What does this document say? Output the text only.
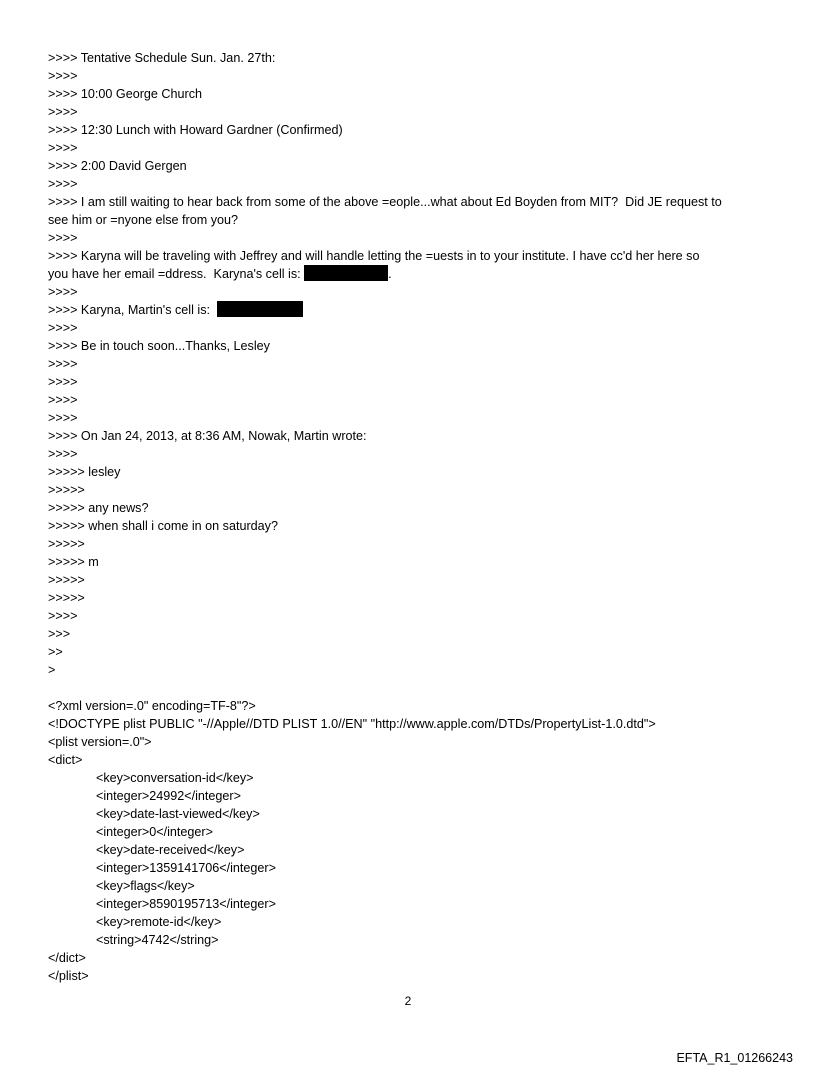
>>>> Tentative Schedule Sun. Jan. 27th:
>>>>
>>>> 10:00 George Church
>>>>
>>>> 12:30 Lunch with Howard Gardner (Confirmed)
>>>>
>>>> 2:00 David Gergen
>>>>
>>>> I am still waiting to hear back from some of the above =eople...what about Ed Boyden from MIT?  Did JE request to
see him or =nyone else from you?
>>>>
>>>> Karyna will be traveling with Jeffrey and will handle letting the =uests in to your institute. I have cc'd her here so
you have her email =ddress.  Karyna's cell is:	.
>>>>
>>>> Karyna, Martin's cell is:
>>>>
>>>> Be in touch soon...Thanks, Lesley
>>>>
>>>>
>>>>
>>>>
>>>> On Jan 24, 2013, at 8:36 AM, Nowak, Martin wrote:
>>>>
>>>>> lesley
>>>>>
>>>>> any news?
>>>>> when shall i come in on saturday?
>>>>>
>>>>> m
>>>>>
>>>>>
>>>>
>>>
>>
>
<?xml version=.0" encoding=TF-8"?>
<!DOCTYPE plist PUBLIC "-//Apple//DTD PLIST 1.0//EN" "http://www.apple.com/DTDs/PropertyList-1.0.dtd">
<plist version=.0">
<dict>
<key>conversation-id</key>
<integer>24992</integer>
<key>date-last-viewed</key>
<integer>0</integer>
<key>date-received</key>
<integer>1359141706</integer>
<key>flags</key>
<integer>8590195713</integer>
<key>remote-id</key>
<string>4742</string>
</dict>
</plist>
2
EFTA_R1_01266243
